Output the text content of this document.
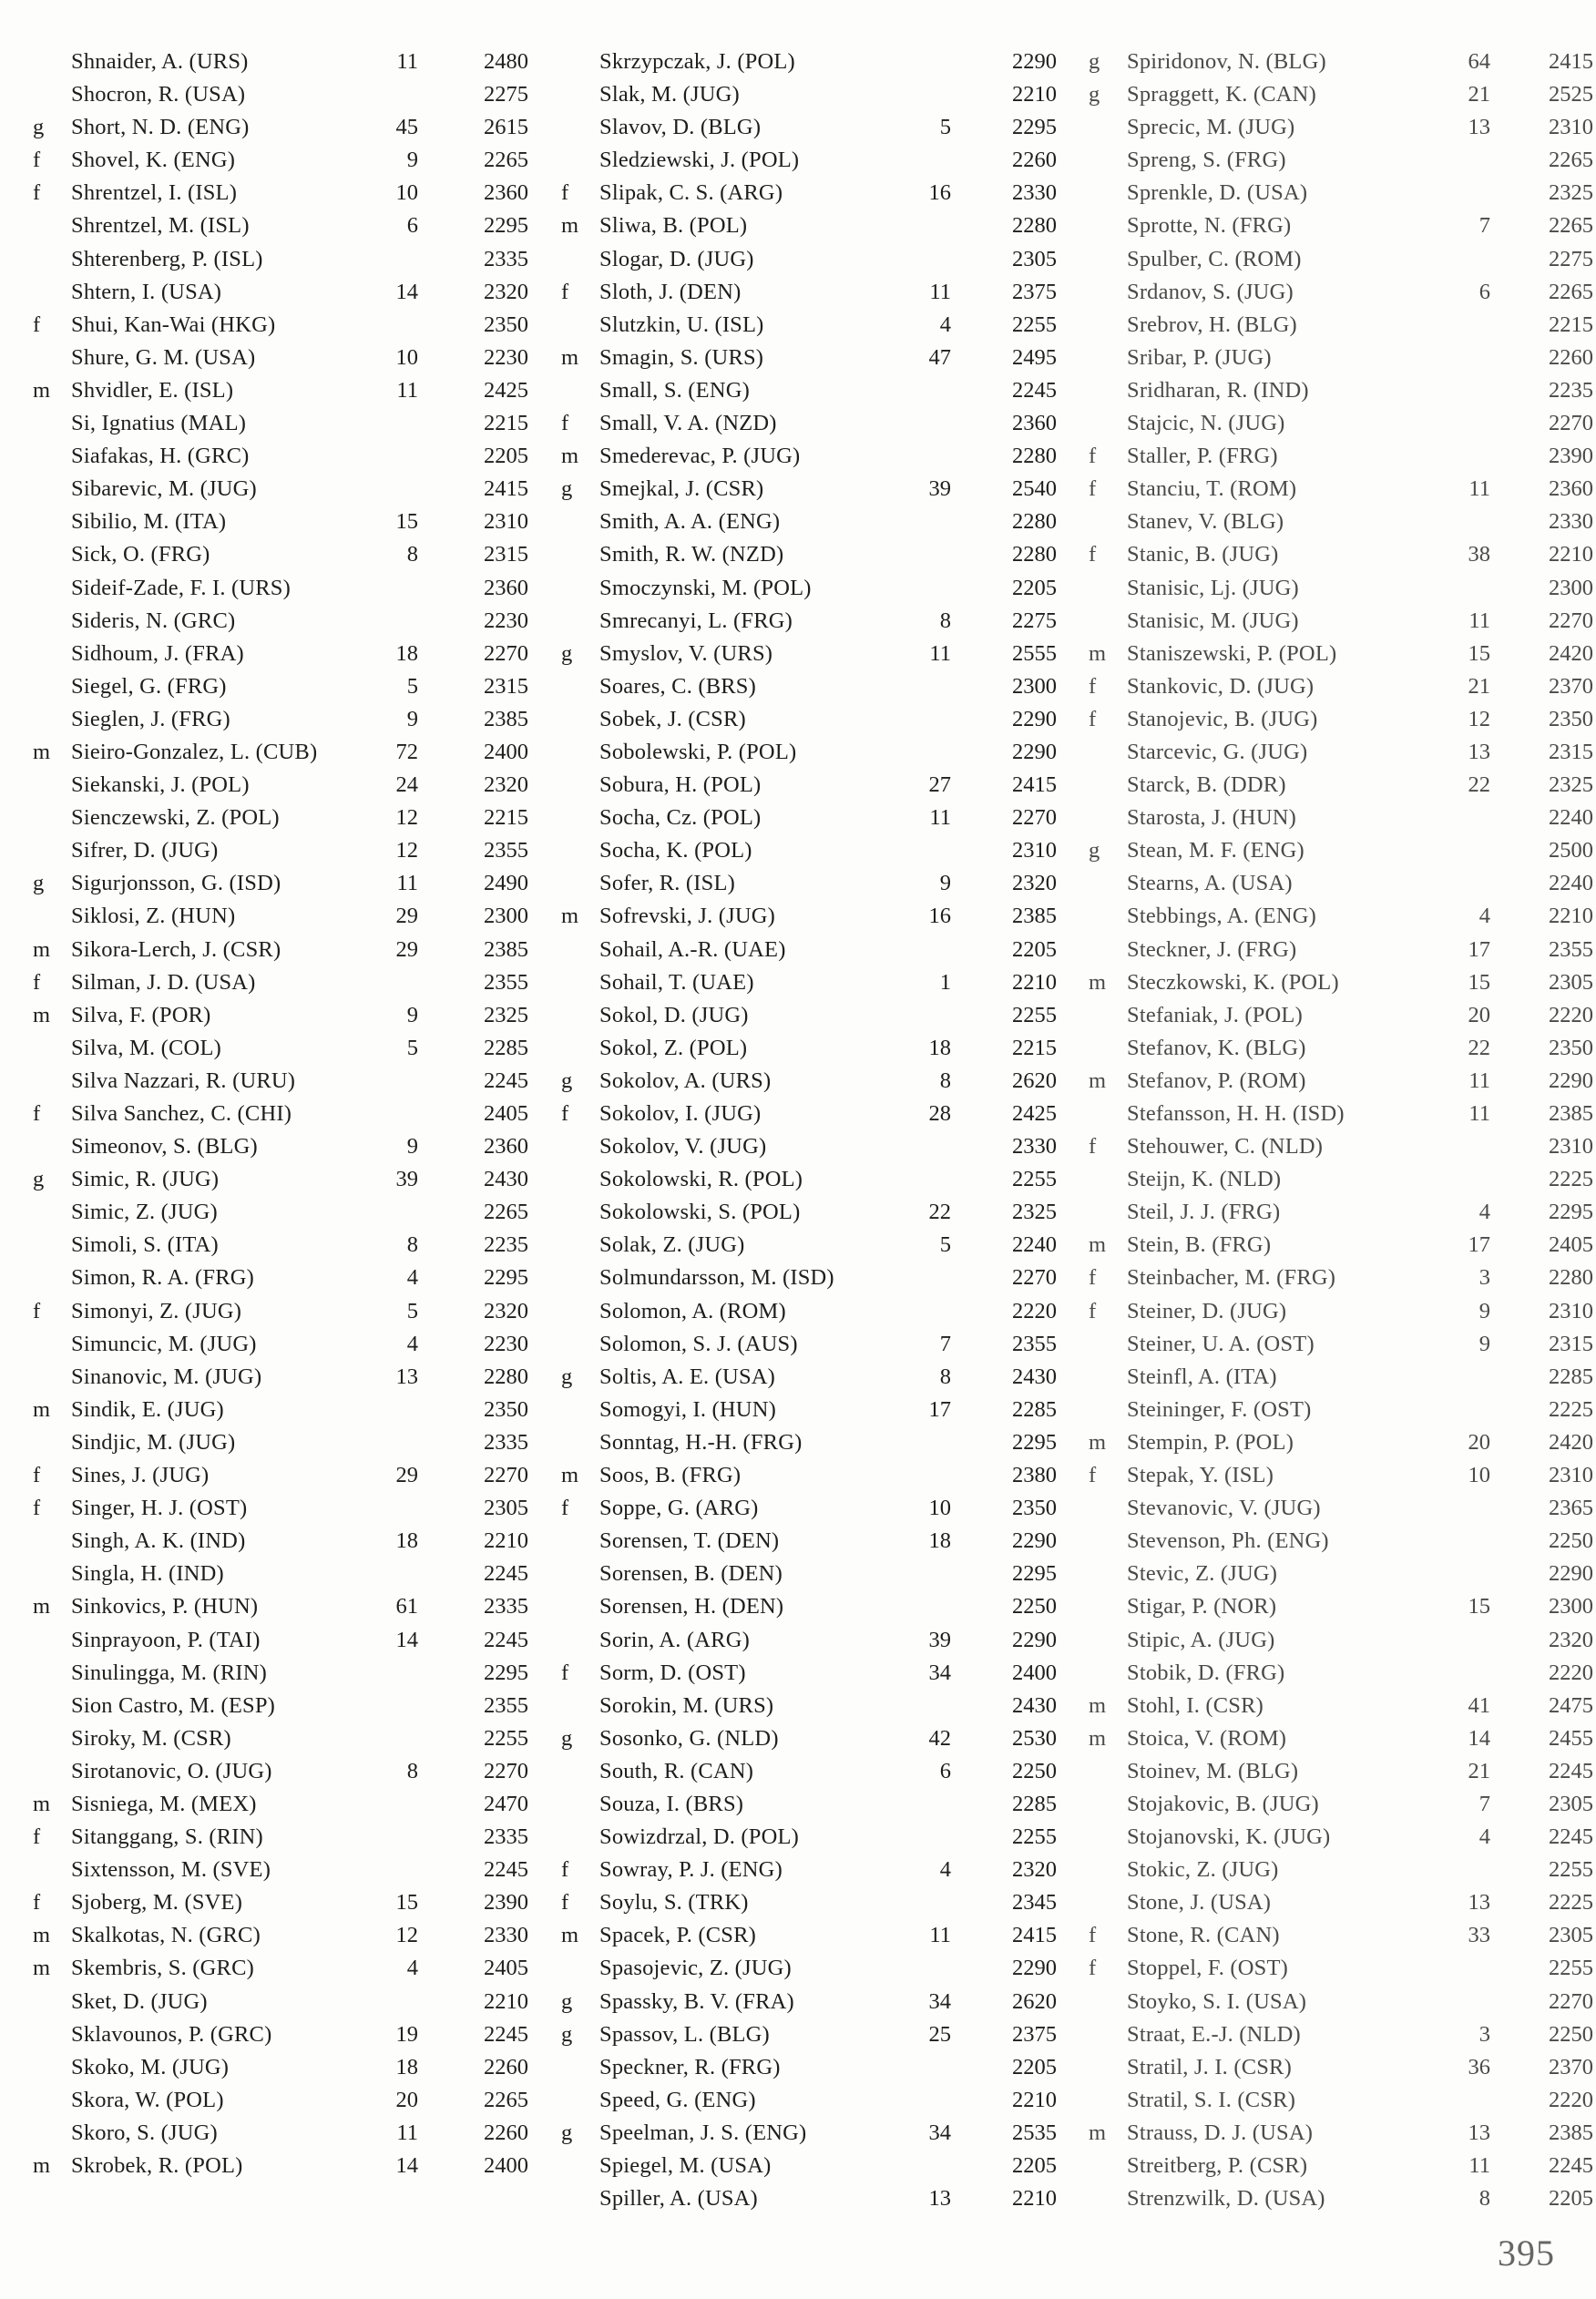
Shnaider, A. (URS)	11	2480
Shocron, R. (USA)	2275
g	Short, N. D. (ENG)	45	2615
f	Shovel, K. (ENG)	9	2265
f	Shrentzel, I. (ISL)	10	2360
Shrentzel, M. (ISL)	6	2295
Shterenberg, P. (ISL)	2335
Shtern, I. (USA)	14	2320
f	Shui, Kan-Wai (HKG)	2350
Shure, G. M. (USA)	10	2230
m Shvidler, E. (ISL)	11	2425
Si, Ignatius (MAL)	2215
Siafakas, H. (GRC)	2205
Sibarevic, M. (JUG)	2415
Sibilio, M. (ITA)	15	2310
Sick, O. (FRG)	8	2315
Sideif-Zade, F. I. (URS)	2360
Sideris, N. (GRC)	2230
Sidhoum, J. (FRA)	18	2270
Siegel, G. (FRG)	5	2315
Sieglen, J. (FRG)	9	2385
m Sieiro-Gonzalez, L. (CUB)	72	2400
Siekanski, J. (POL)	24	2320
Sienczewski, Z. (POL)	12	2215
Sifrer, D. (JUG)	12	2355
g	Sigurjonsson, G. (ISD)	11	2490
Siklosi, Z. (HUN)	29	2300
m Sikora-Lerch, J. (CSR)	29	2385
f	Silman, J. D. (USA)	2355
m Silva, F. (POR)	9	2325
Silva, M. (COL)	5	2285
Silva Nazzari, R. (URU)	2245
f	Silva Sanchez, C. (CHI)	2405
Simeonov, S. (BLG)	9	2360
g	Simic, R. (JUG)	39	2430
Simic, Z. (JUG)	2265
Simoli, S. (ITA)	8	2235
Simon, R. A. (FRG)	4	2295
f	Simonyi, Z. (JUG)	5	2320
Simuncic, M. (JUG)	4	2230
Sinanovic, M. (JUG)	13	2280
m Sindik, E. (JUG)	2350
Sindjic, M. (JUG)	2335
f	Sines, J. (JUG)	29	2270
f	Singer, H. J. (OST)	2305
Singh, A. K. (IND)	18	2210
Singla, H. (IND)	2245
m Sinkovics, P. (HUN)	61	2335
Sinprayoon, P. (TAI)	14	2245
Sinulingga, M. (RIN)	2295
Sion Castro, M. (ESP)	2355
Siroky, M. (CSR)	2255
Sirotanovic, O. (JUG)	8	2270
m Sisniega, M. (MEX)	2470
f	Sitanggang, S. (RIN)	2335
Sixtensson, M. (SVE)	2245
f	Sjoberg, M. (SVE)	15	2390
m Skalkotas, N. (GRC)	12	2330
m Skembris, S. (GRC)	4	2405
Sket, D. (JUG)	2210
Sklavounos, P. (GRC)	19	2245
Skoko, M. (JUG)	18	2260
Skora, W. (POL)	20	2265
Skoro, S. (JUG)	11	2260
m Skrobek, R. (POL)	14	2400
Skrzypczak, J. (POL)	2290
Slak, M. (JUG)	2210
Slavov, D. (BLG)	5	2295
Sledziewski, J. (POL)	2260
f	Slipak, C. S. (ARG)	16	2330
m Sliwa, B. (POL)	2280
Slogar, D. (JUG)	2305
f	Sloth, J. (DEN)	11	2375
Slutzkin, U. (ISL)	4	2255
m Smagin, S. (URS)	47	2495
Small, S. (ENG)	2245
f	Small, V. A. (NZD)	2360
m Smederevac, P. (JUG)	2280
g	Smejkal, J. (CSR)	39	2540
Smith, A. A. (ENG)	2280
Smith, R. W. (NZD)	2280
Smoczynski, M. (POL)	2205
Smrecanyi, L. (FRG)	8	2275
g	Smyslov, V. (URS)	11	2555
Soares, C. (BRS)	2300
Sobek, J. (CSR)	2290
Sobolewski, P. (POL)	2290
Sobura, H. (POL)	27	2415
Socha, Cz. (POL)	11	2270
Socha, K. (POL)	2310
Sofer, R. (ISL)	9	2320
m Sofrevski, J. (JUG)	16	2385
Sohail, A.-R. (UAE)	2205
Sohail, T. (UAE)	1	2210
Sokol, D. (JUG)	2255
Sokol, Z. (POL)	18	2215
g	Sokolov, A. (URS)	8	2620
f	Sokolov, I. (JUG)	28	2425
Sokolov, V. (JUG)	2330
Sokolowski, R. (POL)	2255
Sokolowski, S. (POL)	22	2325
Solak, Z. (JUG)	5	2240
Solmundarsson, M. (ISD)	2270
Solomon, A. (ROM)	2220
Solomon, S. J. (AUS)	7	2355
g	Soltis, A. E. (USA)	8	2430
Somogyi, I. (HUN)	17	2285
Sonntag, H.-H. (FRG)	2295
m Soos, B. (FRG)	2380
f	Soppe, G. (ARG)	10	2350
Sorensen, T. (DEN)	18	2290
Sorensen, B. (DEN)	2295
Sorensen, H. (DEN)	2250
Sorin, A. (ARG)	39	2290
f	Sorm, D. (OST)	34	2400
Sorokin, M. (URS)	2430
g	Sosonko, G. (NLD)	42	2530
South, R. (CAN)	6	2250
Souza, I. (BRS)	2285
Sowizdrzal, D. (POL)	2255
f	Sowray, P. J. (ENG)	4	2320
f	Soylu, S. (TRK)	2345
m Spacek, P. (CSR)	11	2415
Spasojevic, Z. (JUG)	2290
g	Spassky, B. V. (FRA)	34	2620
g	Spassov, L. (BLG)	25	2375
Speckner, R. (FRG)	2205
Speed, G. (ENG)	2210
g	Speelman, J. S. (ENG)	34	2535
Spiegel, M. (USA)	2205
Spiller, A. (USA)	13	2210
g	Spiridonov, N. (BLG)	64	2415
g	Spraggett, K. (CAN)	21	2525
Sprecic, M. (JUG)	13	2310
Spreng, S. (FRG)	2265
Sprenkle, D. (USA)	2325
Sprotte, N. (FRG)	7	2265
Spulber, C. (ROM)	2275
Srdanov, S. (JUG)	6	2265
Srebrov, H. (BLG)	2215
Sribar, P. (JUG)	2260
Sridharan, R. (IND)	2235
Stajcic, N. (JUG)	2270
f	Staller, P. (FRG)	2390
f	Stanciu, T. (ROM)	11	2360
Stanev, V. (BLG)	2330
f	Stanic, B. (JUG)	38	2210
Stanisic, Lj. (JUG)	2300
Stanisic, M. (JUG)	11	2270
m Staniszewski, P. (POL)	15	2420
f	Stankovic, D. (JUG)	21	2370
f	Stanojevic, B. (JUG)	12	2350
Starcevic, G. (JUG)	13	2315
Starck, B. (DDR)	22	2325
Starosta, J. (HUN)	2240
g	Stean, M. F. (ENG)	2500
Stearns, A. (USA)	2240
Stebbings, A. (ENG)	4	2210
Steckner, J. (FRG)	17	2355
m Steczkowski, K. (POL)	15	2305
Stefaniak, J. (POL)	20	2220
Stefanov, K. (BLG)	22	2350
m Stefanov, P. (ROM)	11	2290
Stefansson, H. H. (ISD)	11	2385
f	Stehouwer, C. (NLD)	2310
Steijn, K. (NLD)	2225
Steil, J. J. (FRG)	4	2295
m Stein, B. (FRG)	17	2405
f	Steinbacher, M. (FRG)	3	2280
f	Steiner, D. (JUG)	9	2310
Steiner, U. A. (OST)	9	2315
Steinfl, A. (ITA)	2285
Steininger, F. (OST)	2225
m Stempin, P. (POL)	20	2420
f	Stepak, Y. (ISL)	10	2310
Stevanovic, V. (JUG)	2365
Stevenson, Ph. (ENG)	2250
Stevic, Z. (JUG)	2290
Stigar, P. (NOR)	15	2300
Stipic, A. (JUG)	2320
Stobik, D. (FRG)	2220
m Stohl, I. (CSR)	41	2475
m Stoica, V. (ROM)	14	2455
Stoinev, M. (BLG)	21	2245
Stojakovic, B. (JUG)	7	2305
Stojanovski, K. (JUG)	4	2245
Stokic, Z. (JUG)	2255
Stone, J. (USA)	13	2225
f	Stone, R. (CAN)	33	2305
f	Stoppel, F. (OST)	2255
Stoyko, S. I. (USA)	2270
Straat, E.-J. (NLD)	3	2250
Stratil, J. I. (CSR)	36	2370
Stratil, S. I. (CSR)	2220
m Strauss, D. J. (USA)	13	2385
Streitberg, P. (CSR)	11	2245
Strenzwilk, D. (USA)	8	2205
395
